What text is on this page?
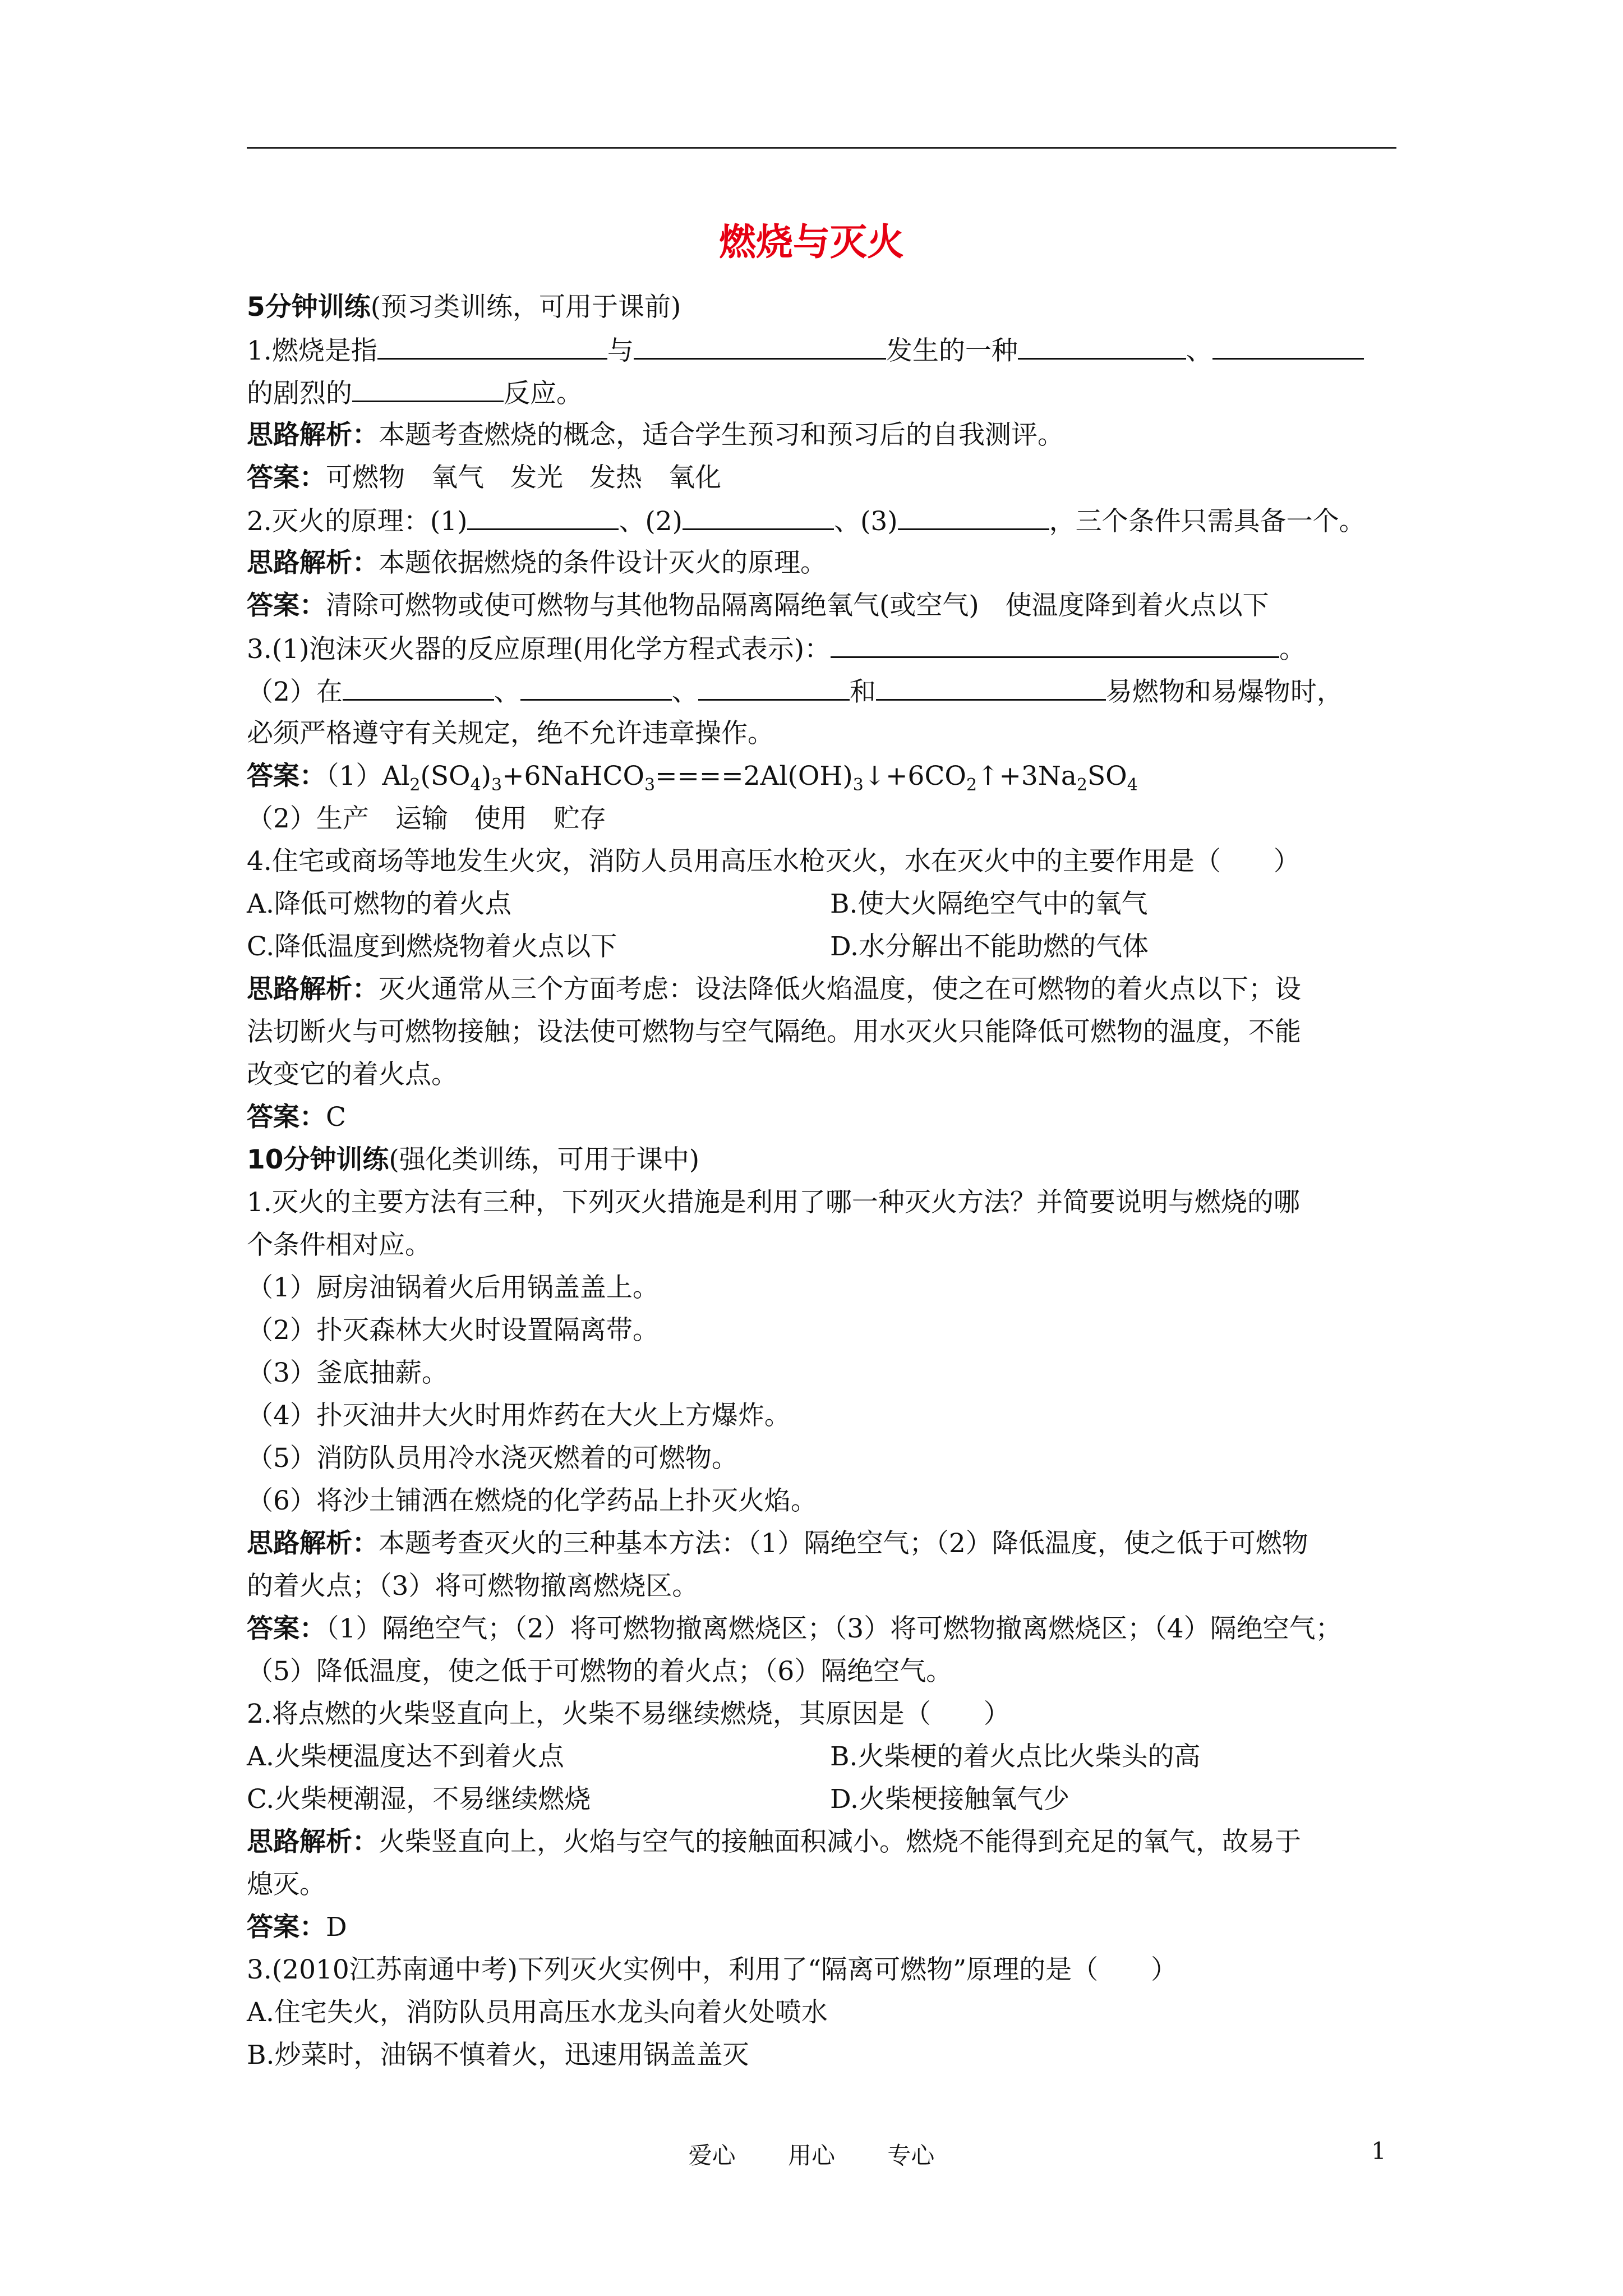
燃烧与灭火
5分钟训练(预习类训练，可用于课前)
1.燃烧是指	与	发生的一种	、
的剧烈的	反应。
思路解析：本题考查燃烧的概念，适合学生预习和预习后的自我测评。
答案：可燃物　氧气　发光　发热　氧化
2.灭火的原理：(1)	、(2)	、(3)	，三个条件只需具备一个。
思路解析：本题依据燃烧的条件设计灭火的原理。
答案：清除可燃物或使可燃物与其他物品隔离隔绝氧气(或空气)　使温度降到着火点以下
3.(1)泡沫灭火器的反应原理(用化学方程式表示)：	。
（2）在	、	、	和	易燃物和易爆物时，
必须严格遵守有关规定，绝不允许违章操作。
答案：$(1)Al_2(SO_4)_3+6NaHCO_3====2Al(OH)_3↓+6CO_2↑+3Na_2SO_4$
（2）生产　运输　使用　贮存
4.住宅或商场等地发生火灾，消防人员用高压水枪灭火，水在灭火中的主要作用是（　　）
A.降低可燃物的着火点	B.使大火隔绝空气中的氧气
C.降低温度到燃烧物着火点以下	D.水分解出不能助燃的气体
思路解析：灭火通常从三个方面考虑：设法降低火焰温度，使之在可燃物的着火点以下；设
法切断火与可燃物接触；设法使可燃物与空气隔绝。用水灭火只能降低可燃物的温度，不能
改变它的着火点。
答案：C
10分钟训练(强化类训练，可用于课中)
1.灭火的主要方法有三种，下列灭火措施是利用了哪一种灭火方法？并简要说明与燃烧的哪
个条件相对应。
（1）厨房油锅着火后用锅盖盖上。
（2）扑灭森林大火时设置隔离带。
（3）釜底抽薪。
（4）扑灭油井大火时用炸药在大火上方爆炸。
（5）消防队员用冷水浇灭燃着的可燃物。
（6）将沙土铺洒在燃烧的化学药品上扑灭火焰。
思路解析：本题考查灭火的三种基本方法：（1）隔绝空气；（2）降低温度，使之低于可燃物
的着火点；（3）将可燃物撤离燃烧区。
答案：（1）隔绝空气；（2）将可燃物撤离燃烧区；（3）将可燃物撤离燃烧区；（4）隔绝空气；
（5）降低温度，使之低于可燃物的着火点；（6）隔绝空气。
2.将点燃的火柴竖直向上，火柴不易继续燃烧，其原因是（　　）
A.火柴梗温度达不到着火点	B.火柴梗的着火点比火柴头的高
C.火柴梗潮湿，不易继续燃烧	D.火柴梗接触氧气少
思路解析：火柴竖直向上，火焰与空气的接触面积减小。燃烧不能得到充足的氧气，故易于
熄灭。
答案：D
3.(2010江苏南通中考)下列灭火实例中，利用了“隔离可燃物”原理的是（　　）
A.住宅失火，消防队员用高压水龙头向着火处喷水
B.炒菜时，油锅不慎着火，迅速用锅盖盖灭
爱心 用心 专心	1
